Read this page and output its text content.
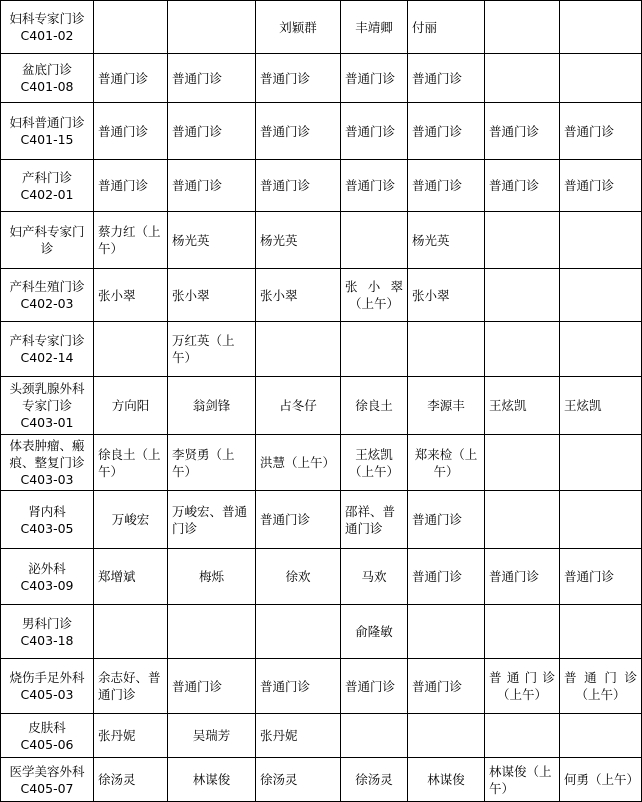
妇科专家门诊
C401-02			刘颖群	丰靖卿	付丽		
盆底门诊
C401-08	普通门诊	普通门诊	普通门诊	普通门诊	普通门诊		
妇科普通门诊
C401-15	普通门诊	普通门诊	普通门诊	普通门诊	普通门诊	普通门诊	普通门诊
产科门诊
C402-01	普通门诊	普通门诊	普通门诊	普通门诊	普通门诊	普通门诊	普通门诊
妇产科专家门诊	蔡力红（上午）	杨光英	杨光英		杨光英		
产科生殖门诊
C402-03	张小翠	张小翠	张小翠	张小翠（上午）	张小翠		
产科专家门诊
C402-14		万红英（上午）					
头颈乳腺外科专家门诊
C403-01	方向阳	翁剑锋	占冬仔	徐良土	李源丰	王炫凯	王炫凯
体表肿瘤、瘢痕、整复门诊
C403-03	徐良土（上午）	李贤勇（上午）	洪慧（上午）	王炫凯（上午）	郑来检（上午）		
肾内科
C403-05	万峻宏	万峻宏、普通门诊	普通门诊	邵祥、普通门诊	普通门诊		
泌外科
C403-09	郑增斌	梅烁	徐欢	马欢	普通门诊	普通门诊	普通门诊
男科门诊
C403-18				俞隆敏			
烧伤手足外科
C405-03	余志好、普通门诊	普通门诊	普通门诊	普通门诊	普通门诊	普通门诊（上午）	普通门诊（上午）
皮肤科
C405-06	张丹妮	吴瑞芳	张丹妮				
医学美容外科
C405-07	徐汤灵	林谋俊	徐汤灵	徐汤灵	林谋俊	林谋俊（上午）	何勇（上午）
